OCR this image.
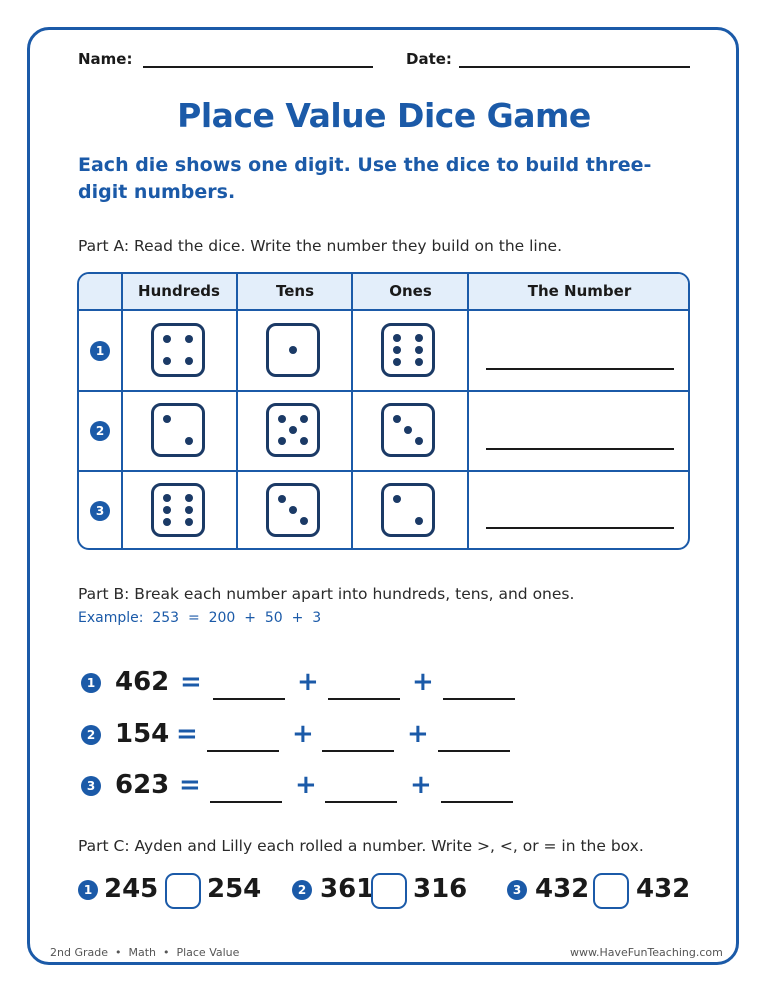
Name:	Date:
Place Value Dice Game
Each die shows one digit. Use the dice to build three-digit numbers.
Part A: Read the dice. Write the number they build on the line.
Hundreds	Tens	Ones	The Number
1
2
3
Part B: Break each number apart into hundreds, tens, and ones.
Example:  253  =  200  +  50  +  3
1 462 =	+	+
2 154 =	+	+
3 623 =	+	+
Part C: Ayden and Lilly each rolled a number. Write >, <, or = in the box.
1 245 254	2 361 316	3 432 432
2nd Grade  •  Math  •  Place Value	www.HaveFunTeaching.com
